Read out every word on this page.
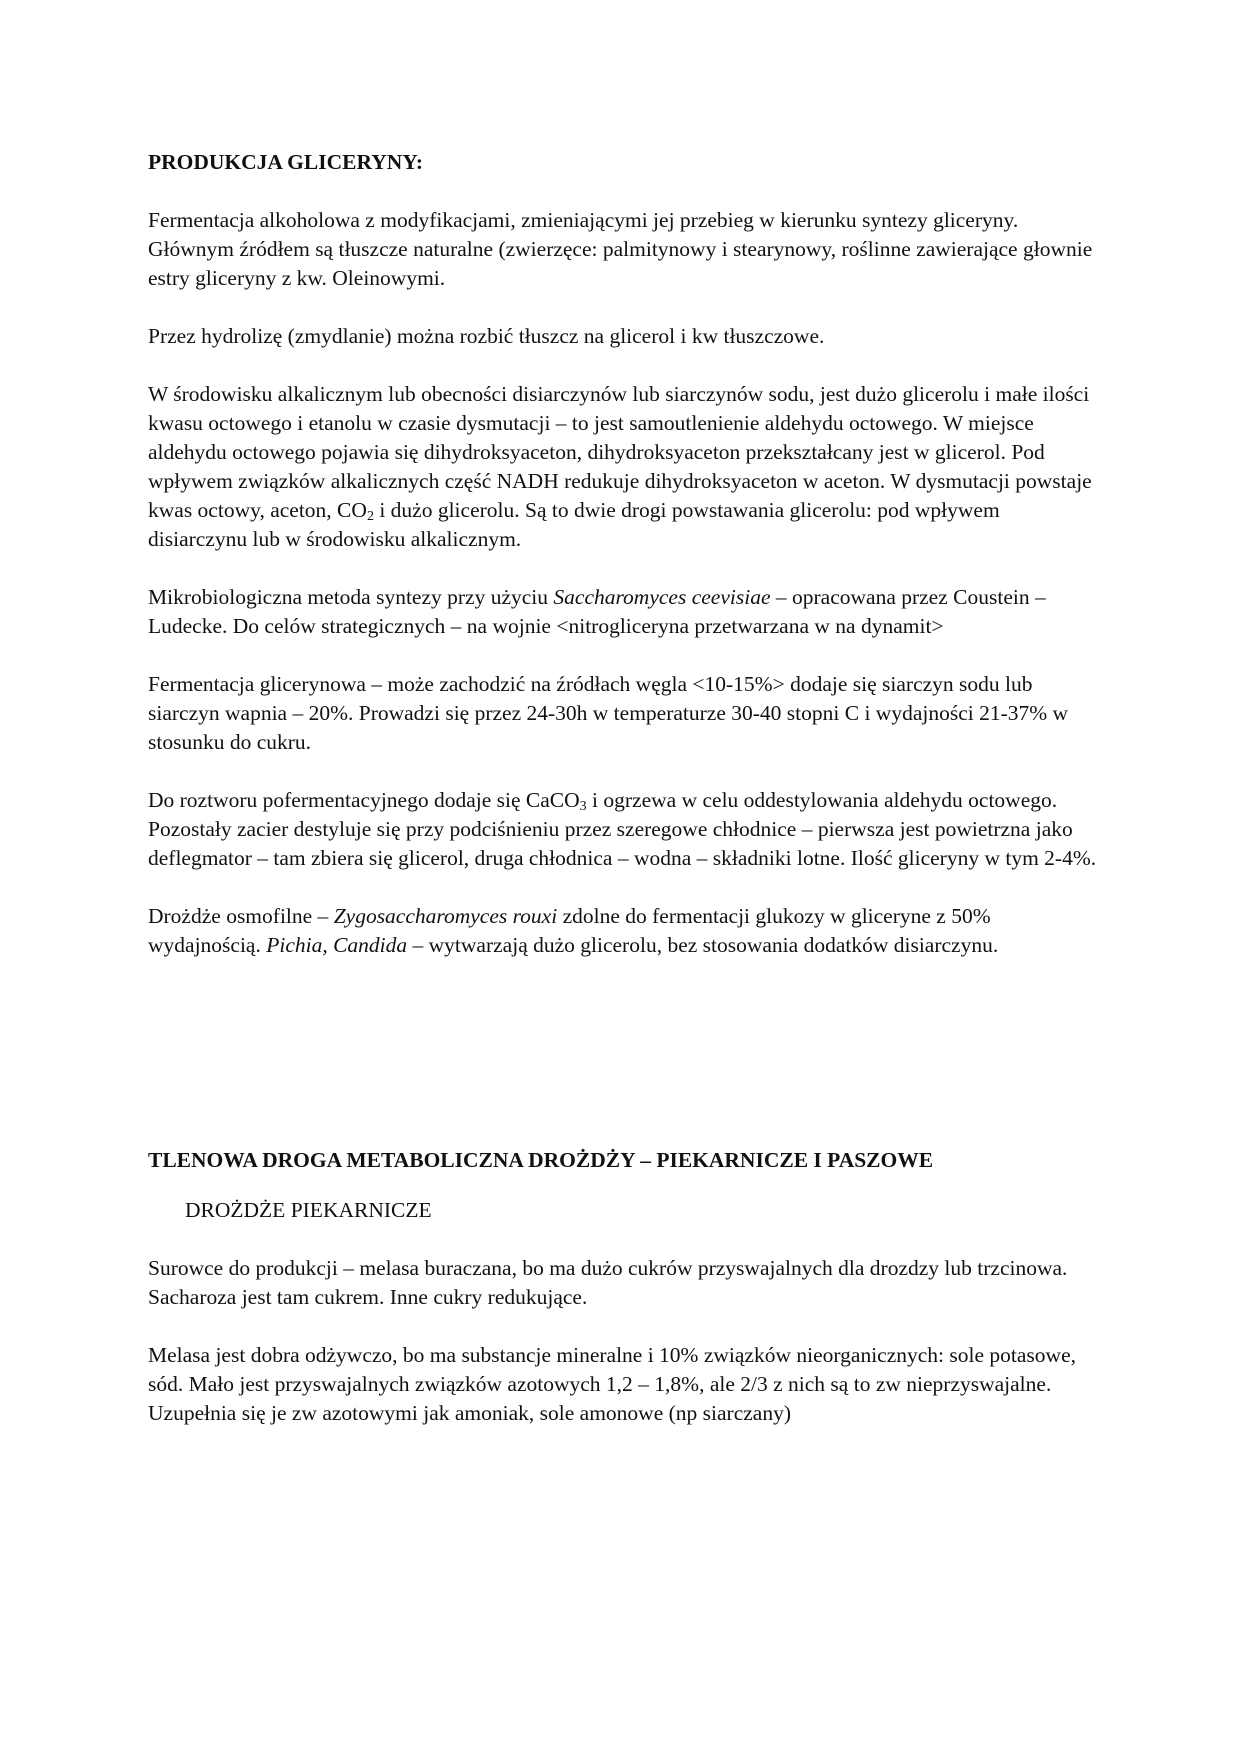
PRODUKCJA GLICERYNY:

Fermentacja alkoholowa z modyfikacjami, zmieniającymi jej przebieg w kierunku syntezy gliceryny. Głównym źródłem są tłuszcze naturalne (zwierzęce: palmitynowy i stearynowy, roślinne zawierające głownie estry gliceryny z kw. Oleinowymi.

Przez hydrolizę (zmydlanie) można rozbić tłuszcz na glicerol i kw tłuszczowe.

W środowisku alkalicznym lub obecności disiarczynów lub siarczynów sodu, jest dużo glicerolu i małe ilości kwasu octowego i etanolu w czasie dysmutacji – to jest samoutlenienie aldehydu octowego. W miejsce aldehydu octowego pojawia się dihydroksyaceton, dihydroksyaceton przekształcany jest w glicerol. Pod wpływem związków alkalicznych część NADH redukuje dihydroksyaceton w aceton. W dysmutacji powstaje kwas octowy, aceton, $CO_2$ i dużo glicerolu. Są to dwie drogi powstawania glicerolu: pod wpływem disiarczynu lub w środowisku alkalicznym.

Mikrobiologiczna metoda syntezy przy użyciu Saccharomyces ceevisiae – opracowana przez Coustein – Ludecke. Do celów strategicznych – na wojnie <nitrogliceryna przetwarzana w na dynamit>

Fermentacja glicerynowa – może zachodzić na źródłach węgla <10-15%> dodaje się siarczyn sodu lub siarczyn wapnia – 20%. Prowadzi się przez 24-30h w temperaturze 30-40 stopni C i wydajności 21-37% w stosunku do cukru.

Do roztworu pofermentacyjnego dodaje się CaCO$_3$ i ogrzewa w celu oddestylowania aldehydu octowego. Pozostały zacier destyluje się przy podciśnieniu przez szeregowe chłodnice – pierwsza jest powietrzna jako deflegmator – tam zbiera się glicerol, druga chłodnica – wodna – składniki lotne. Ilość gliceryny w tym 2-4%.

Drożdże osmofilne – Zygosaccharomyces rouxi zdolne do fermentacji glukozy w gliceryne z 50% wydajnością. Pichia, Candida – wytwarzają dużo glicerolu, bez stosowania dodatków disiarczynu.

TLENOWA DROGA METABOLICZNA DROŻDŻY – PIEKARNICZE I PASZOWE

DROŻDŻE PIEKARNICZE

Surowce do produkcji – melasa buraczana, bo ma dużo cukrów przyswajalnych dla drozdzy lub trzcinowa. Sacharoza jest tam cukrem. Inne cukry redukujące.

Melasa jest dobra odżywczo, bo ma substancje mineralne i 10% związków nieorganicznych: sole potasowe, sód. Mało jest przyswajalnych związków azotowych 1,2 – 1,8%, ale 2/3 z nich są to zw nieprzyswajalne. Uzupełnia się je zw azotowymi jak amoniak, sole amonowe (np siarczany)
